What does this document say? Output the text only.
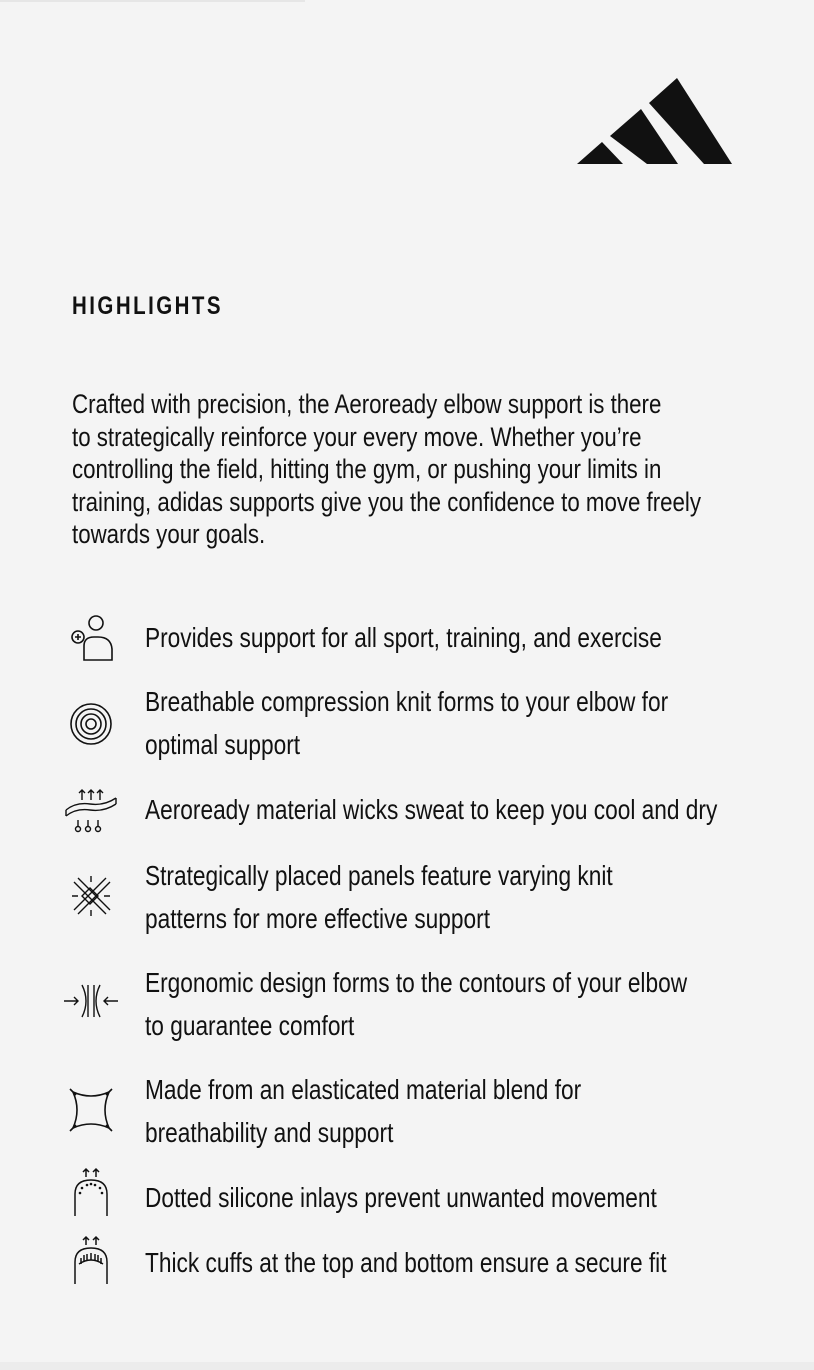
HIGHLIGHTS
Crafted with precision, the Aeroready elbow support is there
to strategically reinforce your every move. Whether you’re
controlling the field, hitting the gym, or pushing your limits in
training, adidas supports give you the confidence to move freely
towards your goals.
Provides support for all sport, training, and exercise
Breathable compression knit forms to your elbow for
optimal support
Aeroready material wicks sweat to keep you cool and dry
Strategically placed panels feature varying knit
patterns for more effective support
Ergonomic design forms to the contours of your elbow
to guarantee comfort
Made from an elasticated material blend for
breathability and support
Dotted silicone inlays prevent unwanted movement
Thick cuffs at the top and bottom ensure a secure fit
